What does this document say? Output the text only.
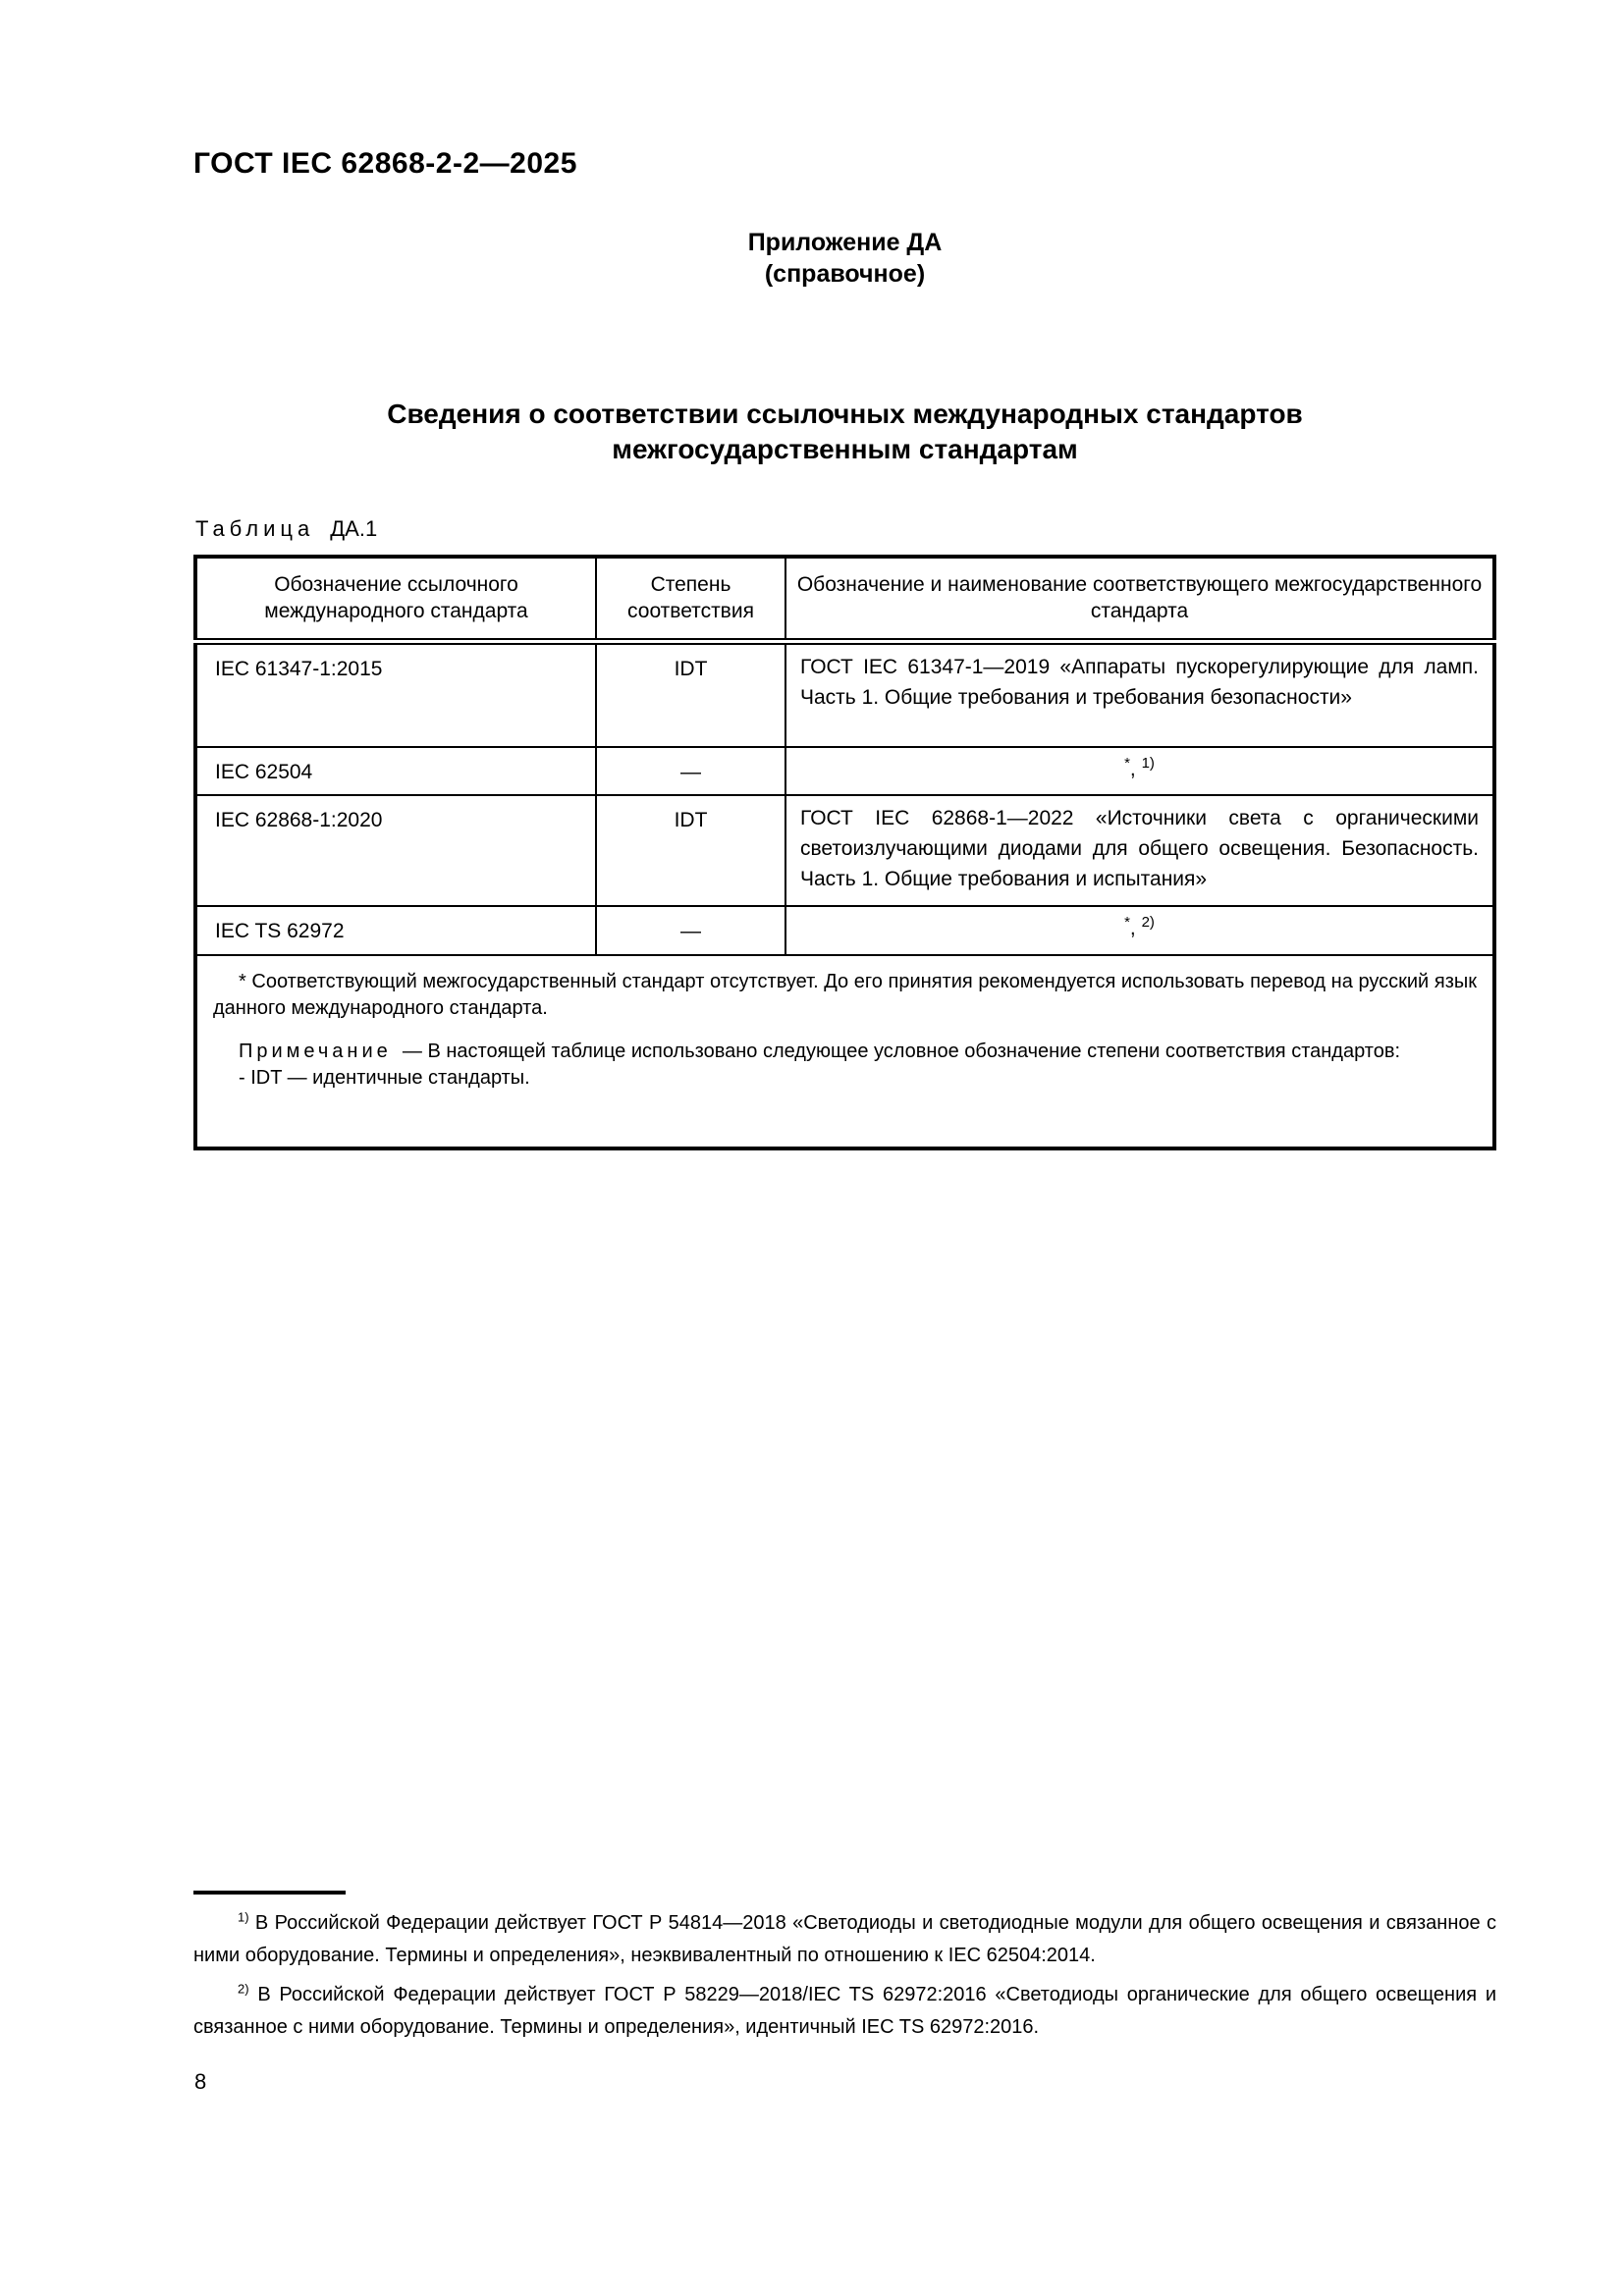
ГОСТ IEC 62868-2-2—2025
Приложение ДА
(справочное)
Сведения о соответствии ссылочных международных стандартов
межгосударственным стандартам
Таблица ДА.1
Обозначение ссылочного международного стандарта	Степень соответствия	Обозначение и наименование соответствующего межгосударственного стандарта
IEC 61347-1:2015	IDT	ГОСТ IEC 61347-1—2019 «Аппараты пускорегулирующие для ламп. Часть 1. Общие требования и требования безопасности»
IEC 62504	—	*, $^{1)}$
IEC 62868-1:2020	IDT	ГОСТ IEC 62868-1—2022 «Источники света с органическими светоизлучающими диодами для общего освещения. Безопасность. Часть 1. Общие требования и испытания»
IEC TS 62972	—	*, $^{2)}$

* Соответствующий межгосударственный стандарт отсутствует. До его принятия рекомендуется использовать перевод на русский язык данного международного стандарта.

Примечание — В настоящей таблице использовано следующее условное обозначение степени соответствия стандартов:

- IDT — идентичные стандарты.		

$^{1)}$ В Российской Федерации действует ГОСТ Р 54814—2018 «Светодиоды и светодиодные модули для общего освещения и связанное с ними оборудование. Термины и определения», неэквивалентный по отношению к IEC 62504:2014.

$^{2)}$ В Российской Федерации действует ГОСТ Р 58229—2018/IEC TS 62972:2016 «Светодиоды органические для общего освещения и связанное с ними оборудование. Термины и определения», идентичный IEC TS 62972:2016.

8
